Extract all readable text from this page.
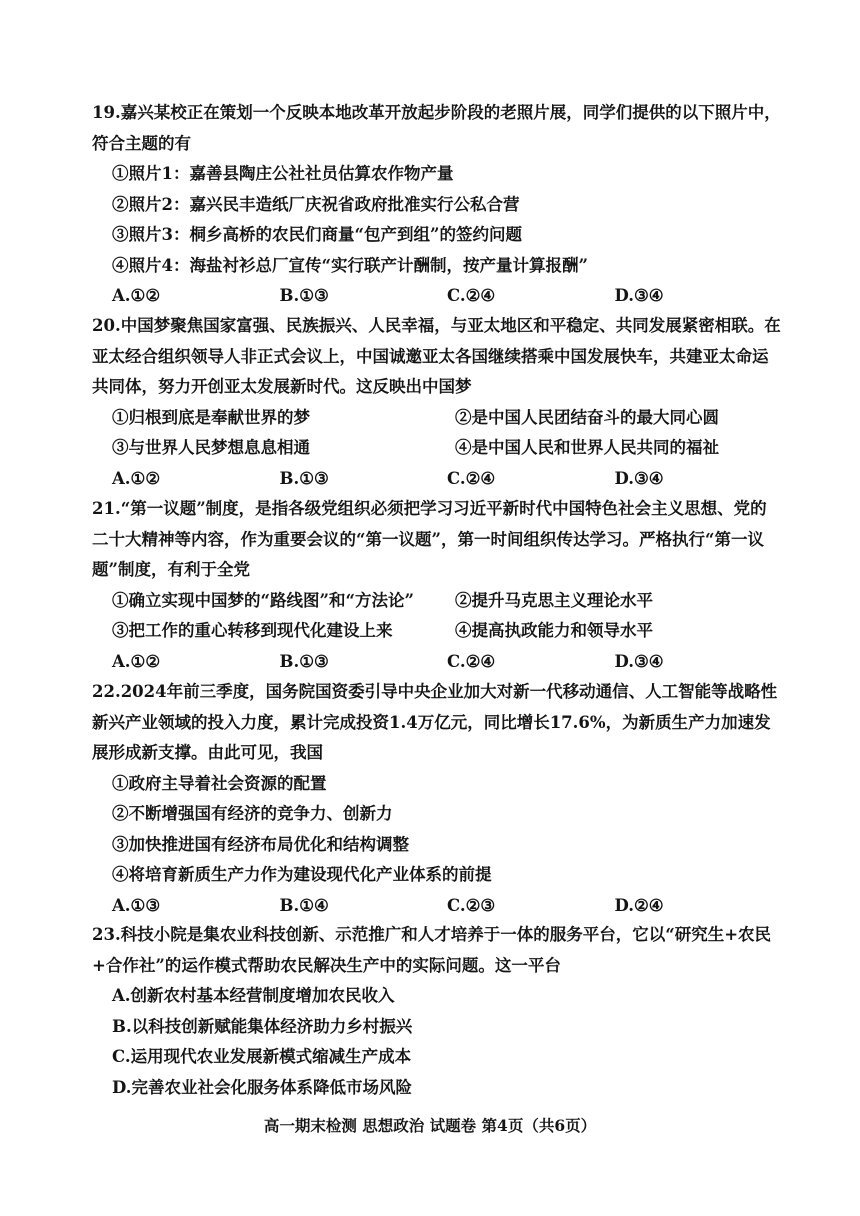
19.嘉兴某校正在策划一个反映本地改革开放起步阶段的老照片展，同学们提供的以下照片中，符合主题的有
①照片1：嘉善县陶庄公社社员估算农作物产量
②照片2：嘉兴民丰造纸厂庆祝省政府批准实行公私合营
③照片3：桐乡高桥的农民们商量“包产到组”的签约问题
④照片4：海盐衬衫总厂宣传“实行联产计酬制，按产量计算报酬”
A.①②	B.①③	C.②④	D.③④
20.中国梦聚焦国家富强、民族振兴、人民幸福，与亚太地区和平稳定、共同发展紧密相联。在亚太经合组织领导人非正式会议上，中国诚邀亚太各国继续搭乘中国发展快车，共建亚太命运共同体，努力开创亚太发展新时代。这反映出中国梦
①归根到底是奉献世界的梦	②是中国人民团结奋斗的最大同心圆
③与世界人民梦想息息相通	④是中国人民和世界人民共同的福祉
A.①②	B.①③	C.②④	D.③④
21.“第一议题”制度，是指各级党组织必须把学习习近平新时代中国特色社会主义思想、党的二十大精神等内容，作为重要会议的“第一议题”，第一时间组织传达学习。严格执行“第一议题”制度，有利于全党
①确立实现中国梦的“路线图”和“方法论”	②提升马克思主义理论水平
③把工作的重心转移到现代化建设上来	④提高执政能力和领导水平
A.①②	B.①③	C.②④	D.③④
22.2024年前三季度，国务院国资委引导中央企业加大对新一代移动通信、人工智能等战略性新兴产业领域的投入力度，累计完成投资1.4万亿元，同比增长17.6%，为新质生产力加速发展形成新支撑。由此可见，我国
①政府主导着社会资源的配置
②不断增强国有经济的竞争力、创新力
③加快推进国有经济布局优化和结构调整
④将培育新质生产力作为建设现代化产业体系的前提
A.①③	B.①④	C.②③	D.②④
23.科技小院是集农业科技创新、示范推广和人才培养于一体的服务平台，它以“研究生+农民+合作社”的运作模式帮助农民解决生产中的实际问题。这一平台
A.创新农村基本经营制度增加农民收入
B.以科技创新赋能集体经济助力乡村振兴
C.运用现代农业发展新模式缩减生产成本
D.完善农业社会化服务体系降低市场风险
高一期末检测 思想政治 试题卷 第4页（共6页）
